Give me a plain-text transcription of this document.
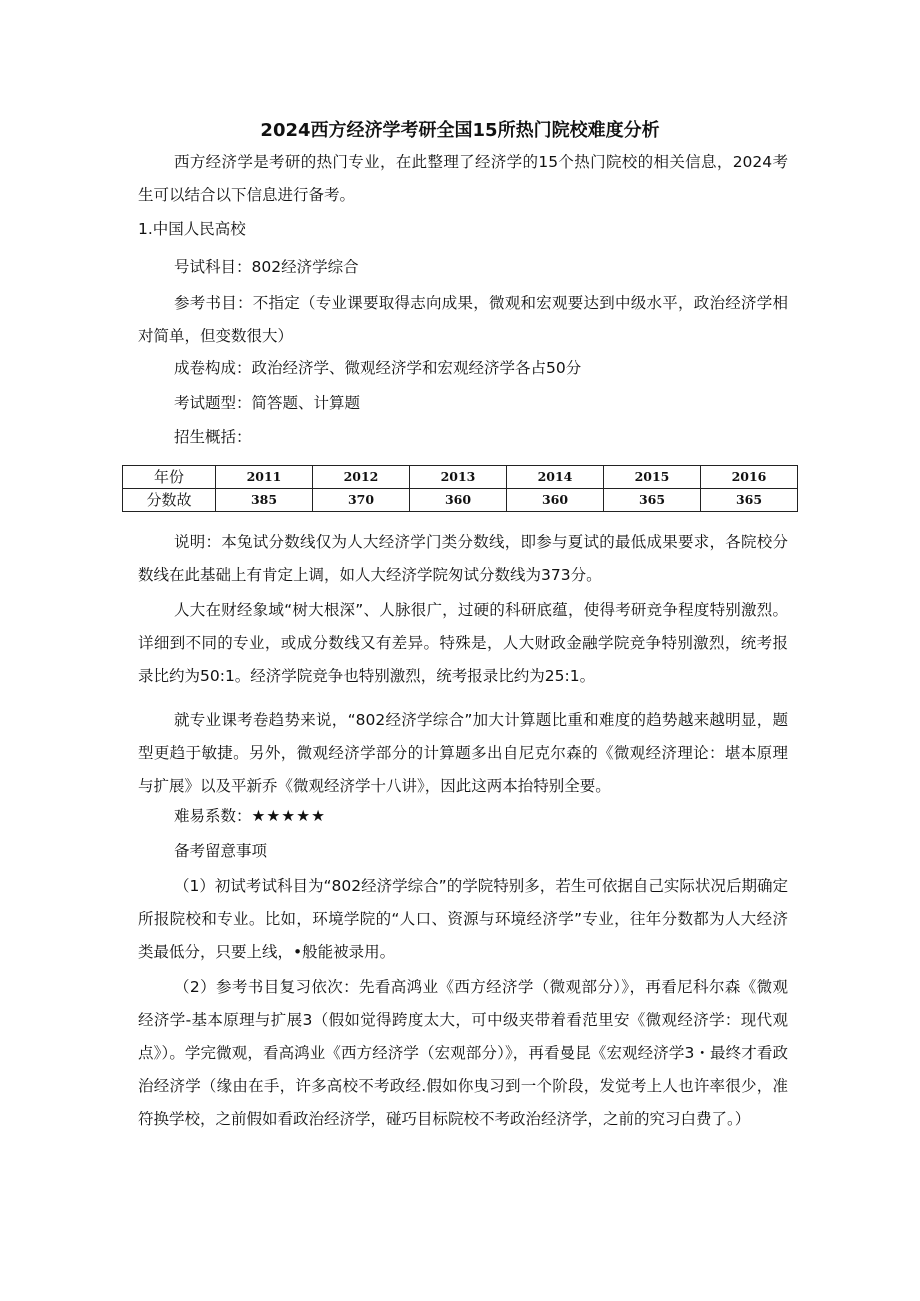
2024西方经济学考研全国15所热门院校难度分析

西方经济学是考研的热门专业，在此整理了经济学的15个热门院校的相关信息，2024考生可以结合以下信息进行备考。

1.中国人民高校
号试科目：802经济学综合

参考书目：不指定（专业课要取得志向成果，微观和宏观要达到中级水平，政治经济学相对简单，但变数很大）

成卷构成：政治经济学、微观经济学和宏观经济学各占50分
考试题型：简答题、计算题
招生概括：
年份	2011	2012	2013	2014	2015	2016
分数故	385	370	360	360	365	365

说明：本兔试分数线仅为人大经济学门类分数线，即参与夏试的最低成果要求，各院校分数线在此基础上有肯定上调，如人大经济学院匆试分数线为373分。

人大在财经象域“树大根深”、人脉很广，过硬的科研底蕴，使得考研竞争程度特别激烈。详细到不同的专业，或成分数线又有差异。特殊是，人大财政金融学院竞争特别激烈，统考报录比约为50:1。经济学院竞争也特别激烈，统考报录比约为25:1。

就专业课考卷趋势来说，“802经济学综合”加大计算题比重和难度的趋势越来越明显，题型更趋于敏捷。另外，微观经济学部分的计算题多出自尼克尔森的《微观经济理论：堪本原理与扩展》以及平新乔《微观经济学十八讲》，因此这两本抬特别全要。

难易系数：★★★★★
备考留意事项

（1）初试考试科目为“802经济学综合”的学院特别多，若生可依据自己实际状况后期确定所报院校和专业。比如，环境学院的“人口、资源与环境经济学”专业，往年分数都为人大经济类最低分，只要上线，•般能被录用。

（2）参考书目复习依次：先看高鸿业《西方经济学（微观部分）》，再看尼科尔森《微观经济学-基本原理与扩展3（假如觉得跨度太大，可中级夹带着看范里安《微观经济学：现代观点》）。学完微观，看高鸿业《西方经济学（宏观部分）》，再看曼昆《宏观经济学3・最终才看政治经济学（缘由在手，许多高校不考政经.假如你曳习到一个阶段，发觉考上人也许率很少，准符换学校，之前假如看政治经济学，碰巧目标院校不考政治经济学，之前的究习白费了。）
